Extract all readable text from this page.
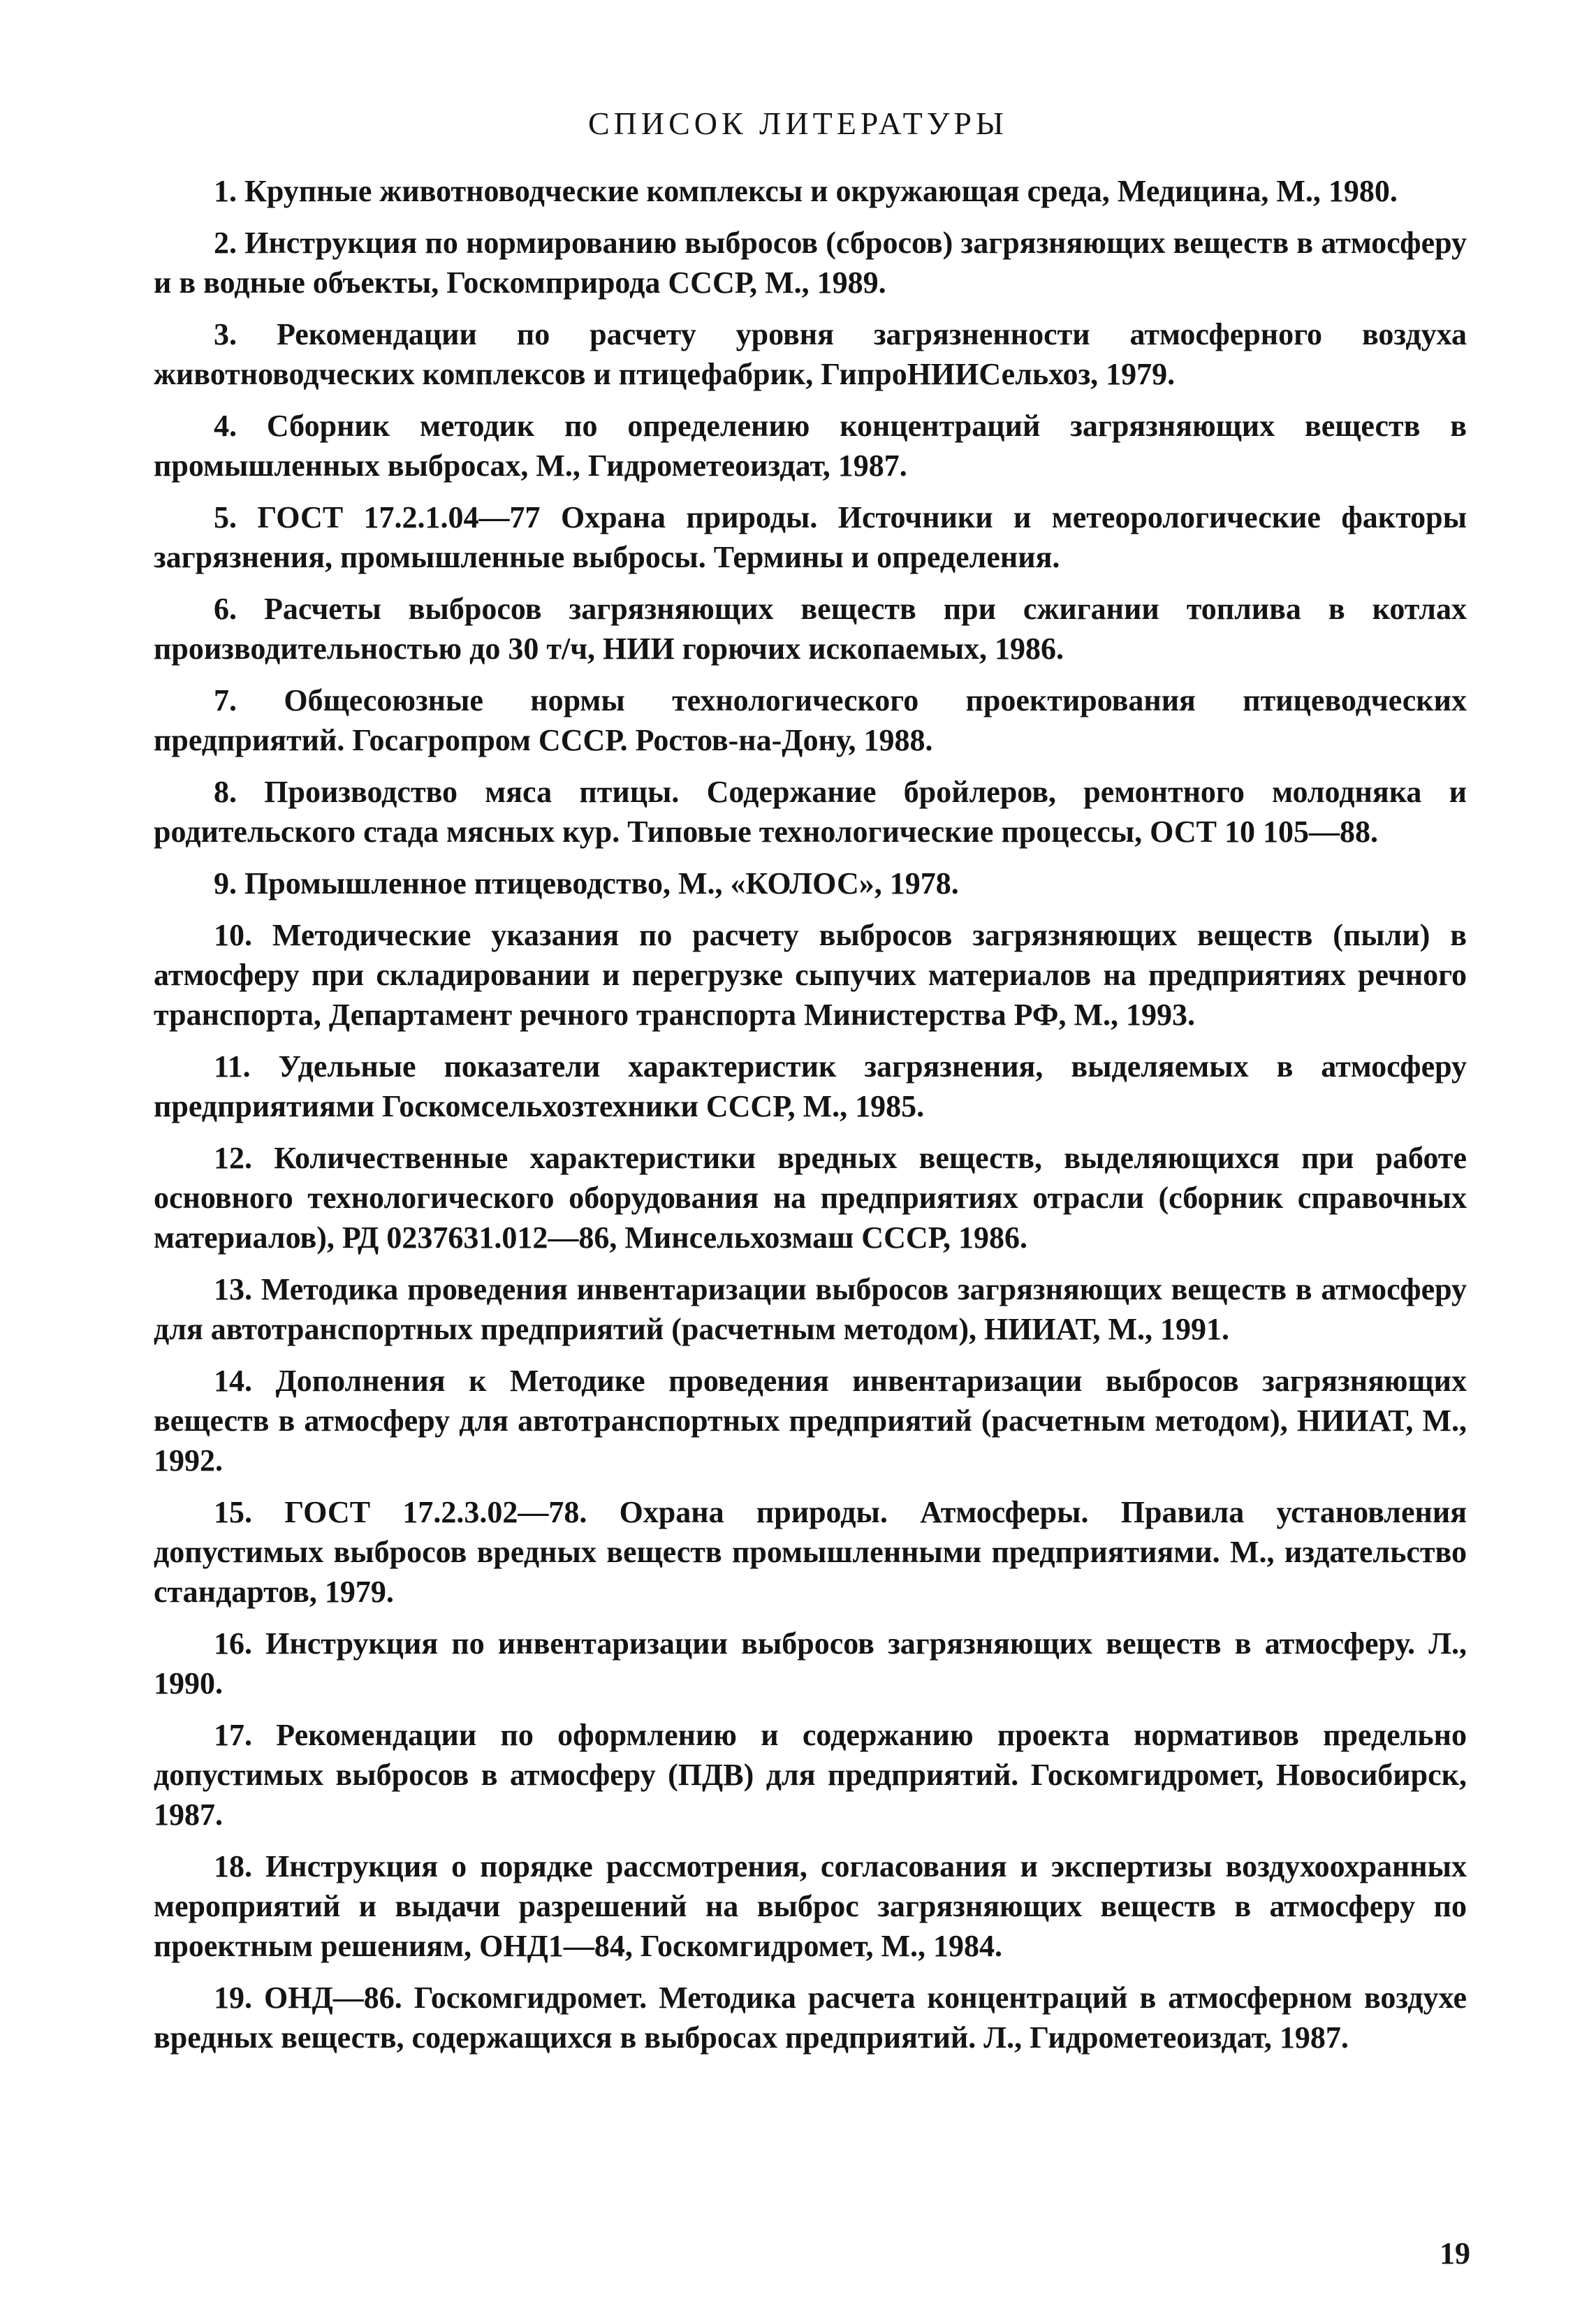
СПИСОК ЛИТЕРАТУРЫ
1. Крупные животноводческие комплексы и окружающая среда, Медицина, М., 1980.
2. Инструкция по нормированию выбросов (сбросов) загрязняющих веществ в атмосферу и в водные объекты, Госкомприрода СССР, М., 1989.
3. Рекомендации по расчету уровня загрязненности атмосферного воздуха животноводческих комплексов и птицефабрик, ГипроНИИСельхоз, 1979.
4. Сборник методик по определению концентраций загрязняющих веществ в промышленных выбросах, М., Гидрометеоиздат, 1987.
5. ГОСТ 17.2.1.04—77 Охрана природы. Источники и метеорологические факторы загрязнения, промышленные выбросы. Термины и определения.
6. Расчеты выбросов загрязняющих веществ при сжигании топлива в котлах производительностью до 30 т/ч, НИИ горючих ископаемых, 1986.
7. Общесоюзные нормы технологического проектирования птицеводческих предприятий. Госагропром СССР. Ростов-на-Дону, 1988.
8. Производство мяса птицы. Содержание бройлеров, ремонтного молодняка и родительского стада мясных кур. Типовые технологические процессы, ОСТ 10 105—88.
9. Промышленное птицеводство, М., «КОЛОС», 1978.
10. Методические указания по расчету выбросов загрязняющих веществ (пыли) в атмосферу при складировании и перегрузке сыпучих материалов на предприятиях речного транспорта, Департамент речного транспорта Министерства РФ, М., 1993.
11. Удельные показатели характеристик загрязнения, выделяемых в атмосферу предприятиями Госкомсельхозтехники СССР, М., 1985.
12. Количественные характеристики вредных веществ, выделяющихся при работе основного технологического оборудования на предприятиях отрасли (сборник справочных материалов), РД 0237631.012—86, Минсельхозмаш СССР, 1986.
13. Методика проведения инвентаризации выбросов загрязняющих веществ в атмосферу для автотранспортных предприятий (расчетным методом), НИИАТ, М., 1991.
14. Дополнения к Методике проведения инвентаризации выбросов загрязняющих веществ в атмосферу для автотранспортных предприятий (расчетным методом), НИИАТ, М., 1992.
15. ГОСТ 17.2.3.02—78. Охрана природы. Атмосферы. Правила установления допустимых выбросов вредных веществ промышленными предприятиями. М., издательство стандартов, 1979.
16. Инструкция по инвентаризации выбросов загрязняющих веществ в атмосферу. Л., 1990.
17. Рекомендации по оформлению и содержанию проекта нормативов предельно допустимых выбросов в атмосферу (ПДВ) для предприятий. Госкомгидромет, Новосибирск, 1987.
18. Инструкция о порядке рассмотрения, согласования и экспертизы воздухоохранных мероприятий и выдачи разрешений на выброс загрязняющих веществ в атмосферу по проектным решениям, ОНД1—84, Госкомгидромет, М., 1984.
19. ОНД—86. Госкомгидромет. Методика расчета концентраций в атмосферном воздухе вредных веществ, содержащихся в выбросах предприятий. Л., Гидрометеоиздат, 1987.
19
